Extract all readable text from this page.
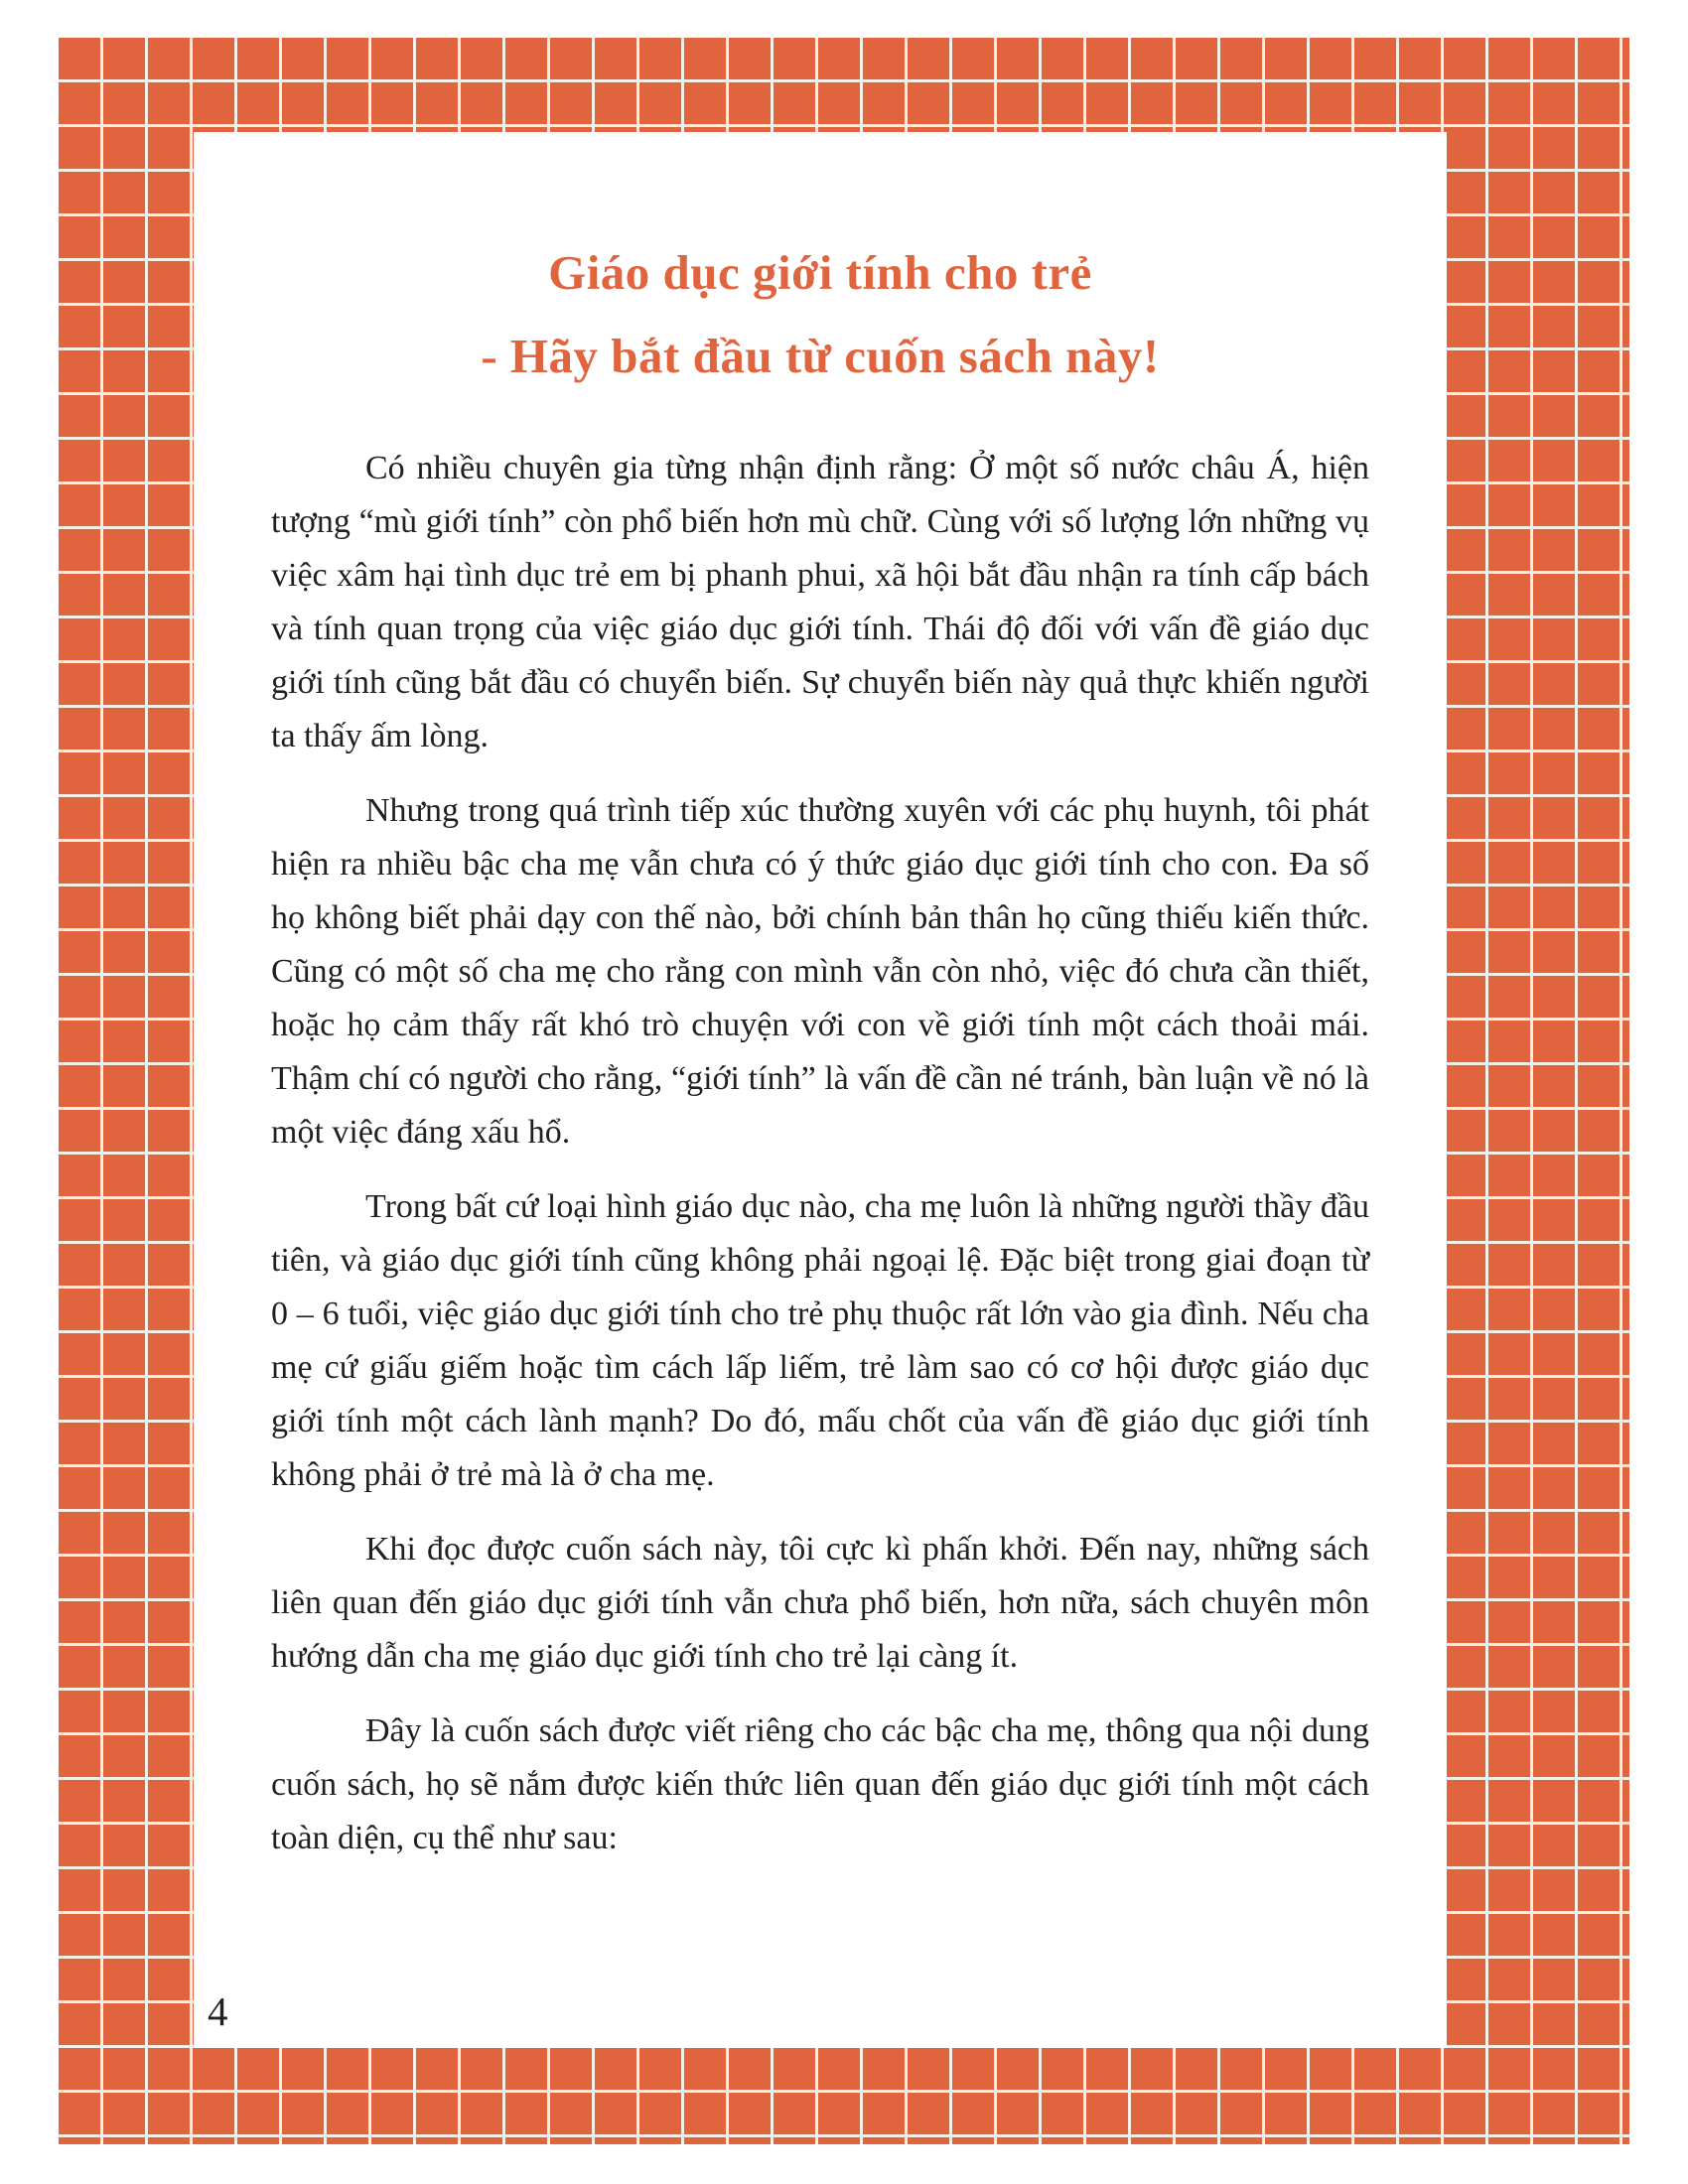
Giáo dục giới tính cho trẻ
- Hãy bắt đầu từ cuốn sách này!

Có nhiều chuyên gia từng nhận định rằng: Ở một số nước châu Á, hiện tượng “mù giới tính” còn phổ biến hơn mù chữ. Cùng với số lượng lớn những vụ việc xâm hại tình dục trẻ em bị phanh phui, xã hội bắt đầu nhận ra tính cấp bách và tính quan trọng của việc giáo dục giới tính. Thái độ đối với vấn đề giáo dục giới tính cũng bắt đầu có chuyển biến. Sự chuyển biến này quả thực khiến người ta thấy ấm lòng.

Nhưng trong quá trình tiếp xúc thường xuyên với các phụ huynh, tôi phát hiện ra nhiều bậc cha mẹ vẫn chưa có ý thức giáo dục giới tính cho con. Đa số họ không biết phải dạy con thế nào, bởi chính bản thân họ cũng thiếu kiến thức. Cũng có một số cha mẹ cho rằng con mình vẫn còn nhỏ, việc đó chưa cần thiết, hoặc họ cảm thấy rất khó trò chuyện với con về giới tính một cách thoải mái. Thậm chí có người cho rằng, “giới tính” là vấn đề cần né tránh, bàn luận về nó là một việc đáng xấu hổ.

Trong bất cứ loại hình giáo dục nào, cha mẹ luôn là những người thầy đầu tiên, và giáo dục giới tính cũng không phải ngoại lệ. Đặc biệt trong giai đoạn từ 0 – 6 tuổi, việc giáo dục giới tính cho trẻ phụ thuộc rất lớn vào gia đình. Nếu cha mẹ cứ giấu giếm hoặc tìm cách lấp liếm, trẻ làm sao có cơ hội được giáo dục giới tính một cách lành mạnh? Do đó, mấu chốt của vấn đề giáo dục giới tính không phải ở trẻ mà là ở cha mẹ.

Khi đọc được cuốn sách này, tôi cực kì phấn khởi. Đến nay, những sách liên quan đến giáo dục giới tính vẫn chưa phổ biến, hơn nữa, sách chuyên môn hướng dẫn cha mẹ giáo dục giới tính cho trẻ lại càng ít.

Đây là cuốn sách được viết riêng cho các bậc cha mẹ, thông qua nội dung cuốn sách, họ sẽ nắm được kiến thức liên quan đến giáo dục giới tính một cách toàn diện, cụ thể như sau:

4
